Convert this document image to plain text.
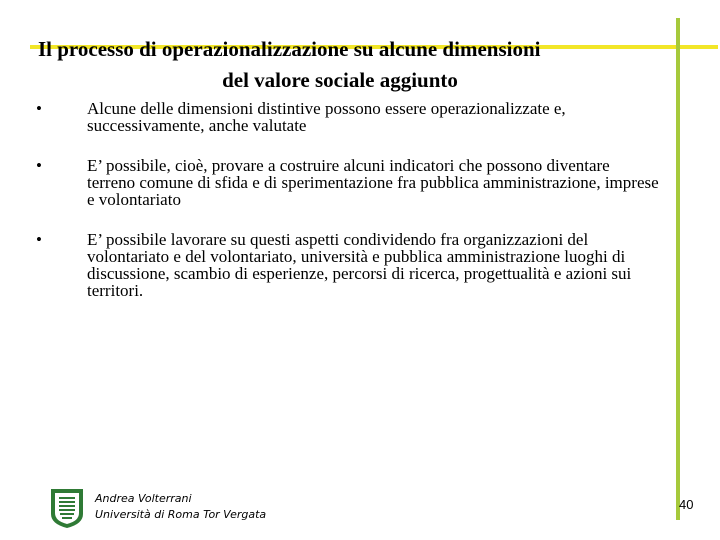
Il processo di operazionalizzazione su alcune dimensioni
del valore sociale aggiunto
•	Alcune delle dimensioni distintive possono essere operazionalizzate e, successivamente, anche valutate
•	E’ possibile, cioè, provare a costruire alcuni indicatori che possono diventare terreno comune di sfida e di sperimentazione fra pubblica amministrazione, imprese e volontariato
•	E’ possibile lavorare su questi aspetti condividendo fra organizzazioni del volontariato e del volontariato, università e pubblica amministrazione luoghi di discussione, scambio di esperienze, percorsi di ricerca, progettualità e azioni sui territori.
Andrea Volterrani
Università di Roma Tor Vergata
40
